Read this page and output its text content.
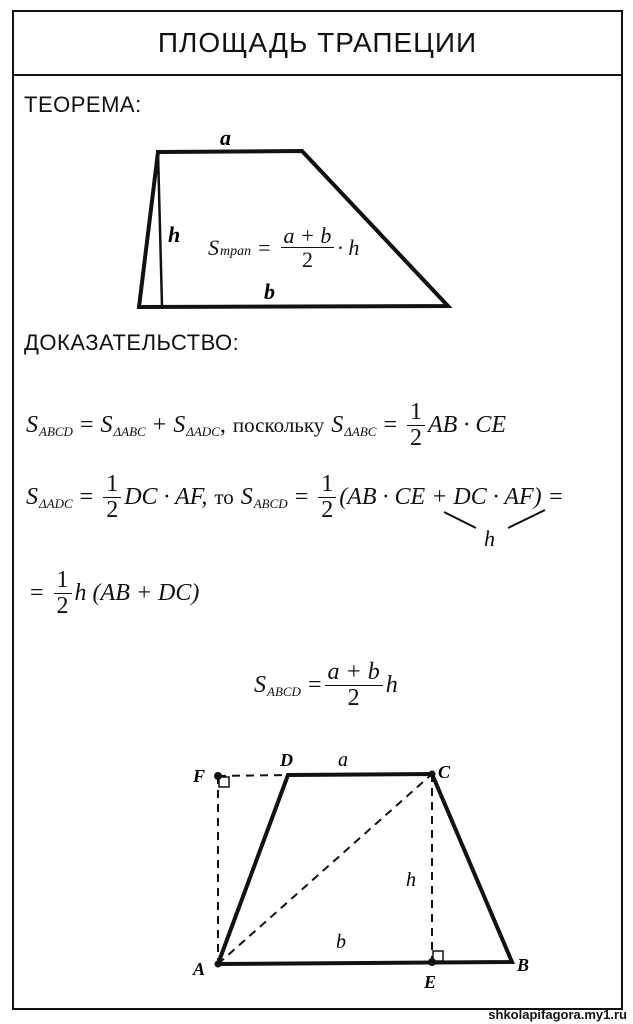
ПЛОЩАДЬ ТРАПЕЦИИ
ТЕОРЕМА:
a
h
b
S трап = $\frac{a + b}{2} \cdot h$
ДОКАЗАТЕЛЬСТВО:
S ABCD = S ΔABC + S ΔADC , поскольку S $\Delta ABC = \frac{1}{2}$ AB · CE
S $\Delta ADC = \frac{1}{2}$ DC · AF, то S ABCD = $\frac{1}{2} (AB$ · CE + DC · AF) =
h
= $\frac{1}{2}$ h (AB + DC)
S ABCD = $\frac{a + b}{2}$ h
F
D
C
A
E
B
a
h
b
shkolapifagora.my1.ru
